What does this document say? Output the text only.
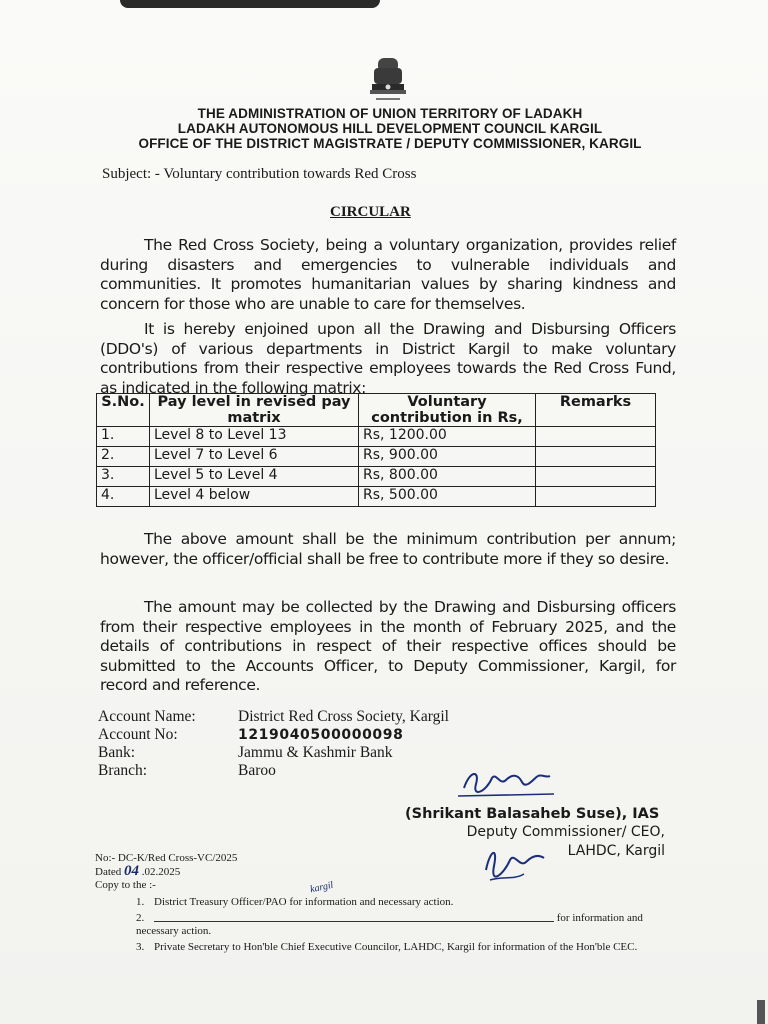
THE ADMINISTRATION OF UNION TERRITORY OF LADAKH
LADAKH AUTONOMOUS HILL DEVELOPMENT COUNCIL KARGIL
OFFICE OF THE DISTRICT MAGISTRATE / DEPUTY COMMISSIONER, KARGIL
Subject: - Voluntary contribution towards Red Cross
CIRCULAR

The Red Cross Society, being a voluntary organization, provides relief during disasters and emergencies to vulnerable individuals and communities. It promotes humanitarian values by sharing kindness and concern for those who are unable to care for themselves.

It is hereby enjoined upon all the Drawing and Disbursing Officers (DDO's) of various departments in District Kargil to make voluntary contributions from their respective employees towards the Red Cross Fund, as indicated in the following matrix:

S.No.	Pay level in revised pay matrix	Voluntary contribution in Rs,	Remarks
1.	Level 8 to Level 13	Rs, 1200.00	
2.	Level 7 to Level 6	Rs, 900.00	
3.	Level 5 to Level 4	Rs, 800.00	
4.	Level 4 below	Rs, 500.00	

The above amount shall be the minimum contribution per annum; however, the officer/official shall be free to contribute more if they so desire.

The amount may be collected by the Drawing and Disbursing officers from their respective employees in the month of February 2025, and the details of contributions in respect of their respective offices should be submitted to the Accounts Officer, to Deputy Commissioner, Kargil, for record and reference.

Account Name:	District Red Cross Society, Kargil
Account No:	1219040500000098
Bank:	Jammu & Kashmir Bank
Branch:	Baroo
(Shrikant Balasaheb Suse), IAS
Deputy Commissioner/ CEO,
LAHDC, Kargil
No:- DC-K/Red Cross-VC/2025
Dated 04 .02.2025
Copy to the :-	kargil
1. District Treasury Officer/PAO for information and necessary action.
2.
	for information and
necessary action.
3. Private Secretary to Hon'ble Chief Executive Councilor, LAHDC, Kargil for information of the Hon'ble CEC.
